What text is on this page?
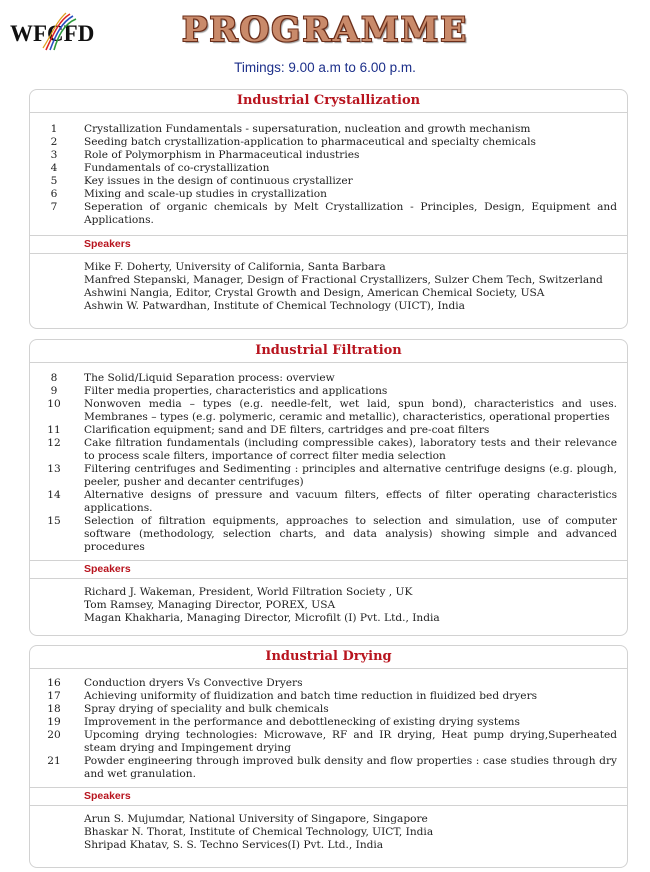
WFCFD	PROGRAMME
Timings: 9.00 a.m to 6.00 p.m.
Industrial Crystallization
1	Crystallization Fundamentals - supersaturation, nucleation and growth mechanism
2	Seeding batch crystallization-application to pharmaceutical and specialty chemicals
3	Role of Polymorphism in Pharmaceutical industries
4	Fundamentals of co-crystallization
5	Key issues in the design of continuous crystallizer
6	Mixing and scale-up studies in crystallization
7	Seperation of organic chemicals by Melt Crystallization - Principles, Design, Equipment and Applications.
Speakers
Mike F. Doherty, University of California, Santa Barbara
Manfred Stepanski, Manager, Design of Fractional Crystallizers, Sulzer Chem Tech, Switzerland
Ashwini Nangia, Editor, Crystal Growth and Design, American Chemical Society, USA
Ashwin W. Patwardhan, Institute of Chemical Technology (UICT), India
Industrial Filtration
8	The Solid/Liquid Separation process: overview
9	Filter media properties, characteristics and applications
10	Nonwoven media – types (e.g. needle-felt, wet laid, spun bond), characteristics and uses. Membranes – types (e.g. polymeric, ceramic and metallic), characteristics, operational properties
11	Clarification equipment; sand and DE filters, cartridges and pre-coat filters
12	Cake filtration fundamentals (including compressible cakes), laboratory tests and their relevance to process scale filters, importance of correct filter media selection
13	Filtering centrifuges and Sedimenting : principles and alternative centrifuge designs (e.g. plough, peeler, pusher and decanter centrifuges)
14	Alternative designs of pressure and vacuum filters, effects of filter operating characteristics applications.
15	Selection of filtration equipments, approaches to selection and simulation, use of computer software (methodology, selection charts, and data analysis) showing simple and advanced procedures
Speakers
Richard J. Wakeman, President, World Filtration Society , UK
Tom Ramsey, Managing Director, POREX, USA
Magan Khakharia, Managing Director, Microfilt (I) Pvt. Ltd., India
Industrial Drying
16	Conduction dryers Vs Convective Dryers
17	Achieving uniformity of fluidization and batch time reduction in fluidized bed dryers
18	Spray drying of speciality and bulk chemicals
19	Improvement in the performance and debottlenecking of existing drying systems
20	Upcoming drying technologies: Microwave, RF and IR drying, Heat pump drying,Superheated steam drying and Impingement drying
21	Powder engineering through improved bulk density and flow properties : case studies through dry and wet granulation.
Speakers
Arun S. Mujumdar, National University of Singapore, Singapore
Bhaskar N. Thorat, Institute of Chemical Technology, UICT, India
Shripad Khatav, S. S. Techno Services(I) Pvt. Ltd., India
